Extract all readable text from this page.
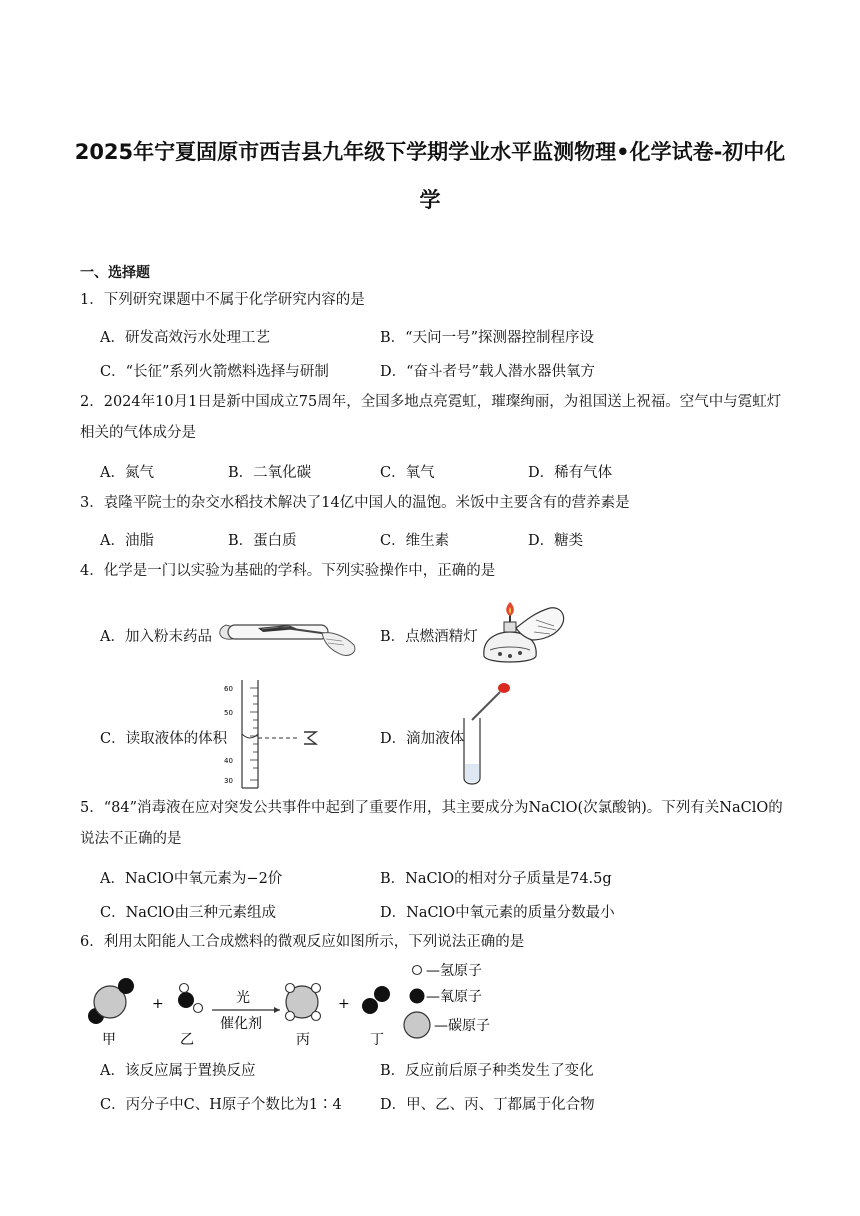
2025年宁夏固原市西吉县九年级下学期学业水平监测物理•化学试卷-初中化学
一、选择题
1．下列研究课题中不属于化学研究内容的是
A．研发高效污水处理工艺	B．“天问一号”探测器控制程序设
C．“长征”系列火箭燃料选择与研制	D．“奋斗者号”载人潜水器供氧方
2．2024年10月1日是新中国成立75周年，全国多地点亮霓虹，璀璨绚丽，为祖国送上祝福。空气中与霓虹灯相关的气体成分是
A．氮气	B．二氧化碳	C．氧气	D．稀有气体
3．袁隆平院士的杂交水稻技术解决了14亿中国人的温饱。米饭中主要含有的营养素是
A．油脂	B．蛋白质	C．维生素	D．糖类
4．化学是一门以实验为基础的学科。下列实验操作中，正确的是
A．加入粉末药品	B．点燃酒精灯
C．读取液体的体积	D．滴加液体
60
50
40
30
5．“84”消毒液在应对突发公共事件中起到了重要作用，其主要成分为NaClO(次氯酸钠)。下列有关NaClO的说法不正确的是
A．NaClO中氧元素为−2价	B．NaClO的相对分子质量是74.5g
C．NaClO由三种元素组成	D．NaClO中氧元素的质量分数最小
6．利用太阳能人工合成燃料的微观反应如图所示，下列说法正确的是
+	光
催化剂
+
甲	乙	丙	丁
—氢原子
—氧原子
—碳原子
A．该反应属于置换反应	B．反应前后原子种类发生了变化
C．丙分子中C、H原子个数比为1∶4	D．甲、乙、丙、丁都属于化合物
